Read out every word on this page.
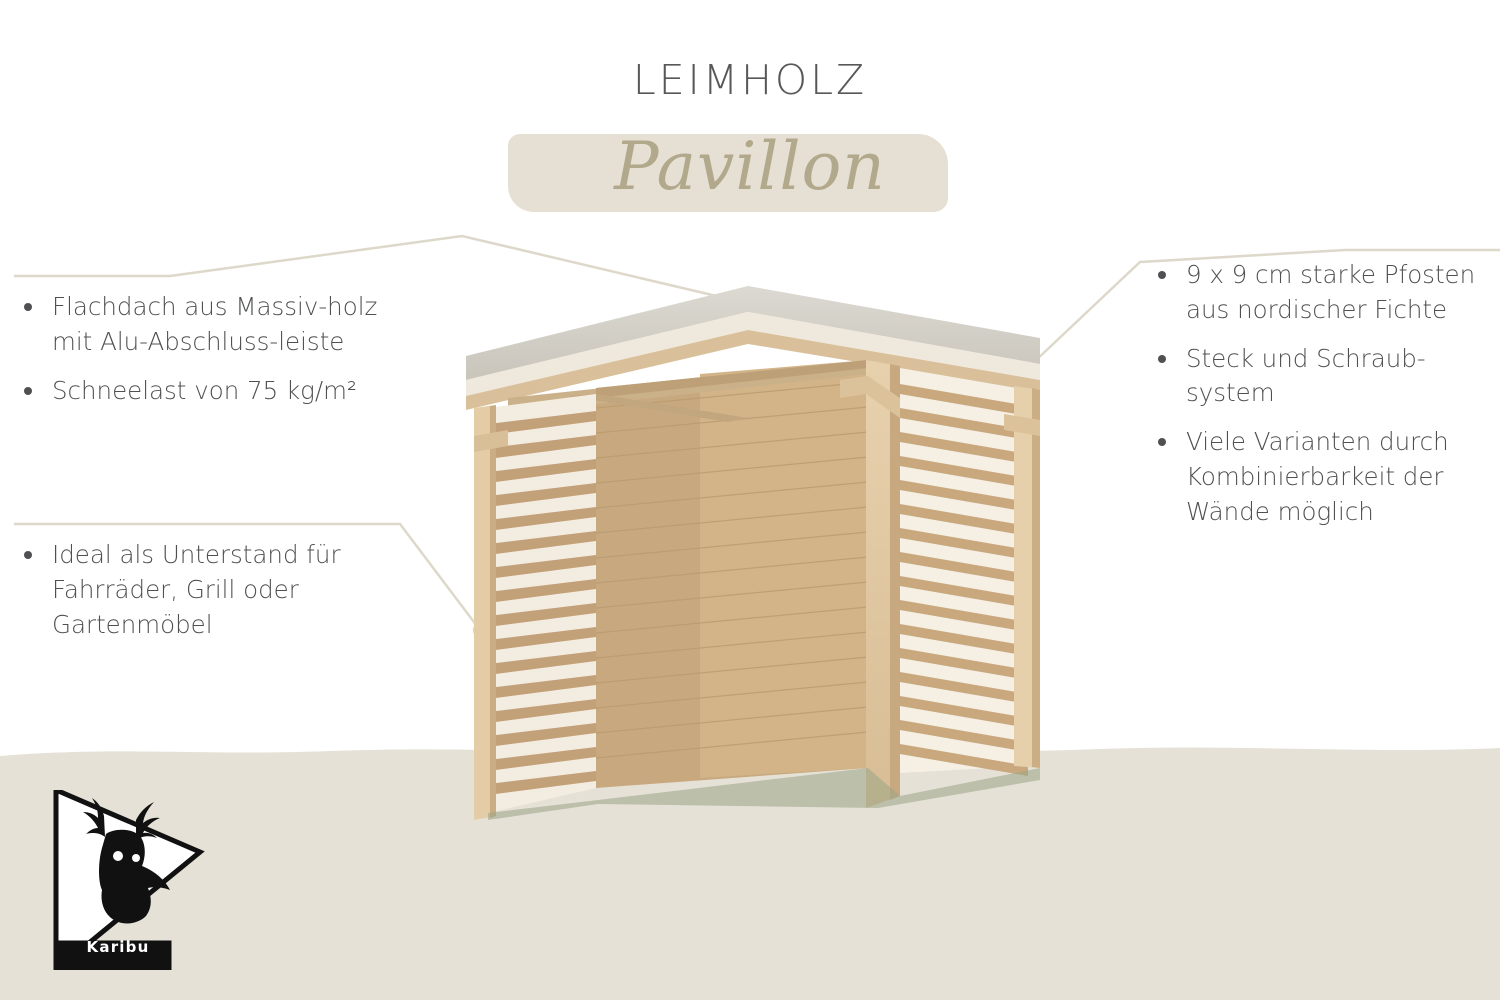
LEIMHOLZ
Pavillon
Flachdach aus Massiv-holz mit Alu-Abschluss-leiste
Schneelast von 75 kg/m²
Ideal als Unterstand für Fahrräder, Grill oder Gartenmöbel
9 x 9 cm starke Pfosten aus nordischer Fichte
Steck und Schraub-system
Viele Varianten durch Kombinierbarkeit der Wände möglich
Karibu
